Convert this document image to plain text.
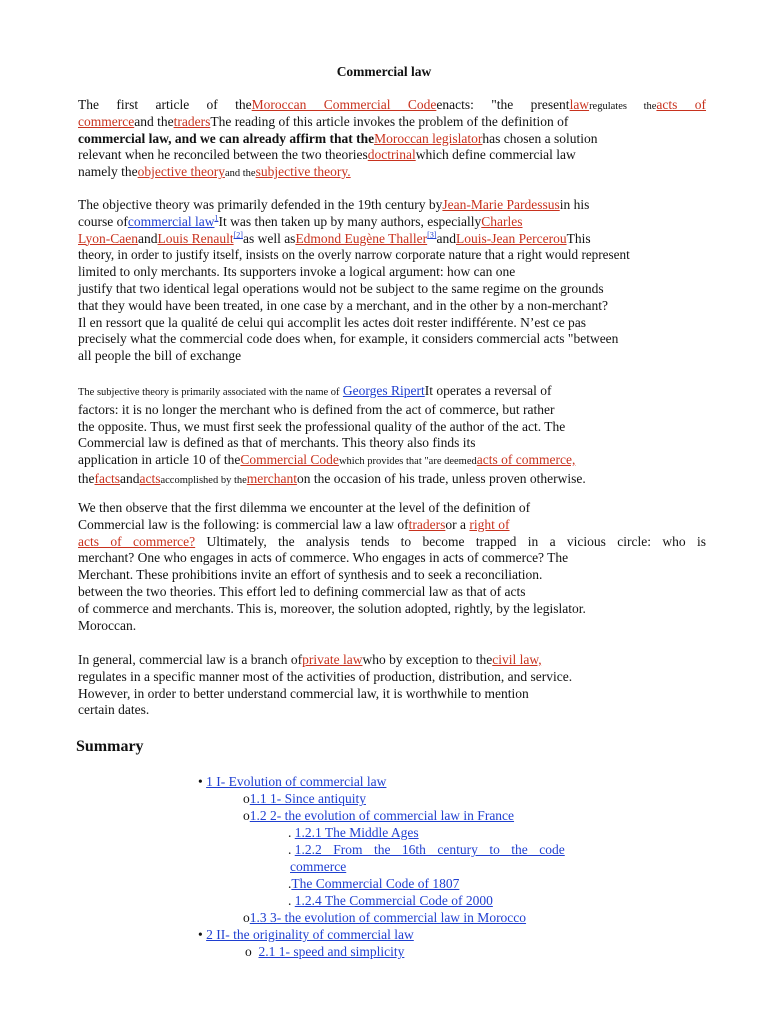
Commercial law
The first article of theMoroccan Commercial Codeenacts: "the presentlawregulates theacts of
commerceand thetradersThe reading of this article invokes the problem of the definition of
commercial law, and we can already affirm that theMoroccan legislatorhas chosen a solution
relevant when he reconciled between the two theoriesdoctrinalwhich define commercial law
namely theobjective theoryand thesubjective theory.
The objective theory was primarily defended in the 19th century byJean-Marie Pardessusin his
course ofcommercial law$^1$It was then taken up by many authors, especiallyCharles
Lyon-CaenandLouis Renault[2]as well asEdmond Eugène Thaller[3]andLouis-Jean PercerouThis
theory, in order to justify itself, insists on the overly narrow corporate nature that a right would represent
limited to only merchants. Its supporters invoke a logical argument: how can one
justify that two identical legal operations would not be subject to the same regime on the grounds
that they would have been treated, in one case by a merchant, and in the other by a non-merchant?
Il en ressort que la qualité de celui qui accomplit les actes doit rester indifférente. N’est ce pas
precisely what the commercial code does when, for example, it considers commercial acts "between
all people the bill of exchange
The subjective theory is primarily associated with the name of Georges RipertIt operates a reversal of
factors: it is no longer the merchant who is defined from the act of commerce, but rather
the opposite. Thus, we must first seek the professional quality of the author of the act. The
Commercial law is defined as that of merchants. This theory also finds its
application in article 10 of theCommercial Codewhich provides that "are deemedacts of commerce,
thefactsandactsaccomplished by themerchanton the occasion of his trade, unless proven otherwise.
We then observe that the first dilemma we encounter at the level of the definition of
Commercial law is the following: is commercial law a law oftradersor a right of
acts of commerce? Ultimately, the analysis tends to become trapped in a vicious circle: who is
merchant? One who engages in acts of commerce. Who engages in acts of commerce? The
Merchant. These prohibitions invite an effort of synthesis and to seek a reconciliation.
between the two theories. This effort led to defining commercial law as that of acts
of commerce and merchants. This is, moreover, the solution adopted, rightly, by the legislator.
Moroccan.
In general, commercial law is a branch ofprivate lawwho by exception to thecivil law,
regulates in a specific manner most of the activities of production, distribution, and service.
However, in order to better understand commercial law, it is worthwhile to mention
certain dates.
Summary
• 1 I- Evolution of commercial law
o1.1 1- Since antiquity
o1.2 2- the evolution of commercial law in France
. 1.2.1 The Middle Ages
. 1.2.2 From the 16th century to the code
commerce
.The Commercial Code of 1807
. 1.2.4 The Commercial Code of 2000
o1.3 3- the evolution of commercial law in Morocco
• 2 II- the originality of commercial law
o 2.1 1- speed and simplicity
